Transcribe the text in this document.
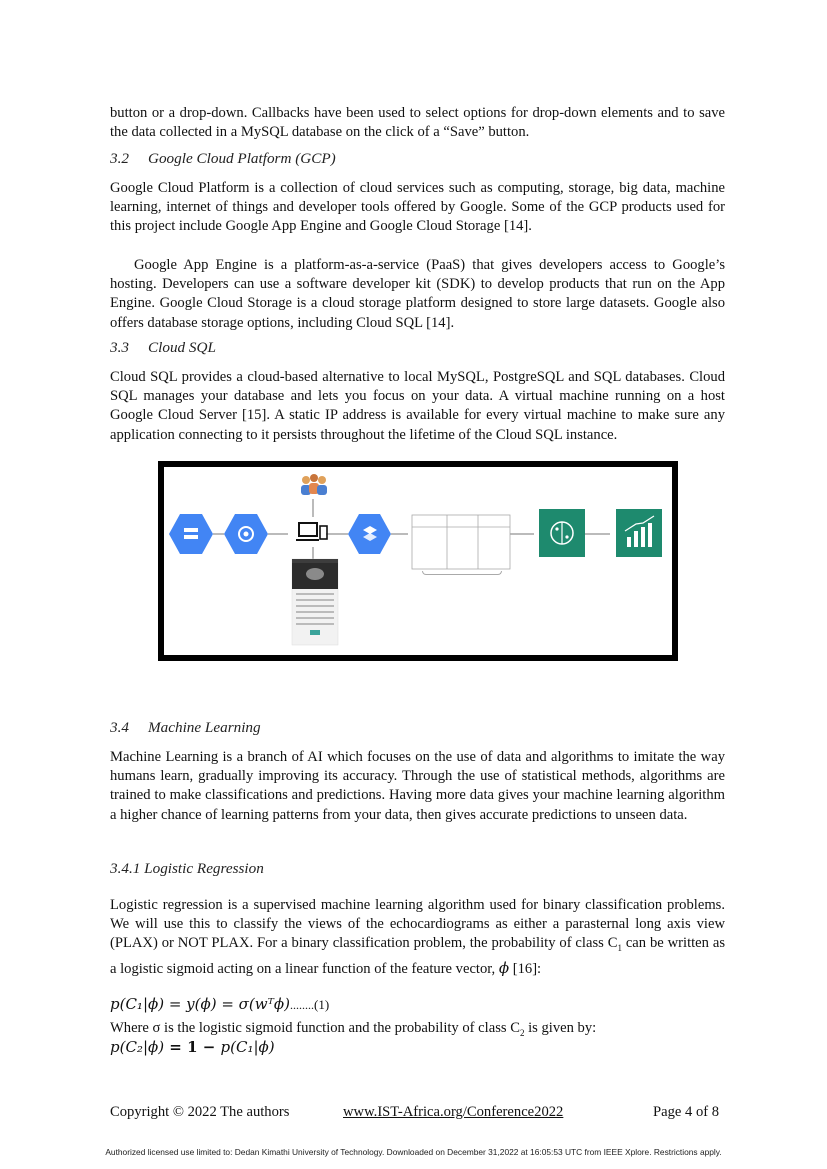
button or a drop-down. Callbacks have been used to select options for drop-down elements and to save the data collected in a MySQL database on the click of a “Save” button.
3.2 Google Cloud Platform (GCP)
Google Cloud Platform is a collection of cloud services such as computing, storage, big data, machine learning, internet of things and developer tools offered by Google. Some of the GCP products used for this project include Google App Engine and Google Cloud Storage [14].
Google App Engine is a platform-as-a-service (PaaS) that gives developers access to Google’s hosting. Developers can use a software developer kit (SDK) to develop products that run on the App Engine. Google Cloud Storage is a cloud storage platform designed to store large datasets. Google also offers database storage options, including Cloud SQL [14].
3.3 Cloud SQL
Cloud SQL provides a cloud-based alternative to local MySQL, PostgreSQL and SQL databases. Cloud SQL manages your database and lets you focus on your data. A virtual machine running on a host Google Cloud Server [15]. A static IP address is available for every virtual machine to make sure any application connecting to it persists throughout the lifetime of the Cloud SQL instance.
3.4 Machine Learning
Machine Learning is a branch of AI which focuses on the use of data and algorithms to imitate the way humans learn, gradually improving its accuracy. Through the use of statistical methods, algorithms are trained to make classifications and predictions. Having more data gives your machine learning algorithm a higher chance of learning patterns from your data, then gives accurate predictions to unseen data.
3.4.1 Logistic Regression
Logistic regression is a supervised machine learning algorithm used for binary classification problems. We will use this to classify the views of the echocardiograms as either a parasternal long axis view (PLAX) or NOT PLAX. For a binary classification problem, the probability of class $C_1$ can be written as a logistic sigmoid acting on a linear function of the feature vector, ϕ [16]:
p(C₁|ϕ) = y(ϕ) = σ(wᵀϕ)........(1)
Where σ is the logistic sigmoid function and the probability of class $C_2$ is given by:
p(C₂|ϕ) = 1 − p(C₁|ϕ)
Copyright © 2022 The authors	www.IST-Africa.org/Conference2022	Page 4 of 8
Authorized licensed use limited to: Dedan Kimathi University of Technology. Downloaded on December 31,2022 at 16:05:53 UTC from IEEE Xplore. Restrictions apply.
